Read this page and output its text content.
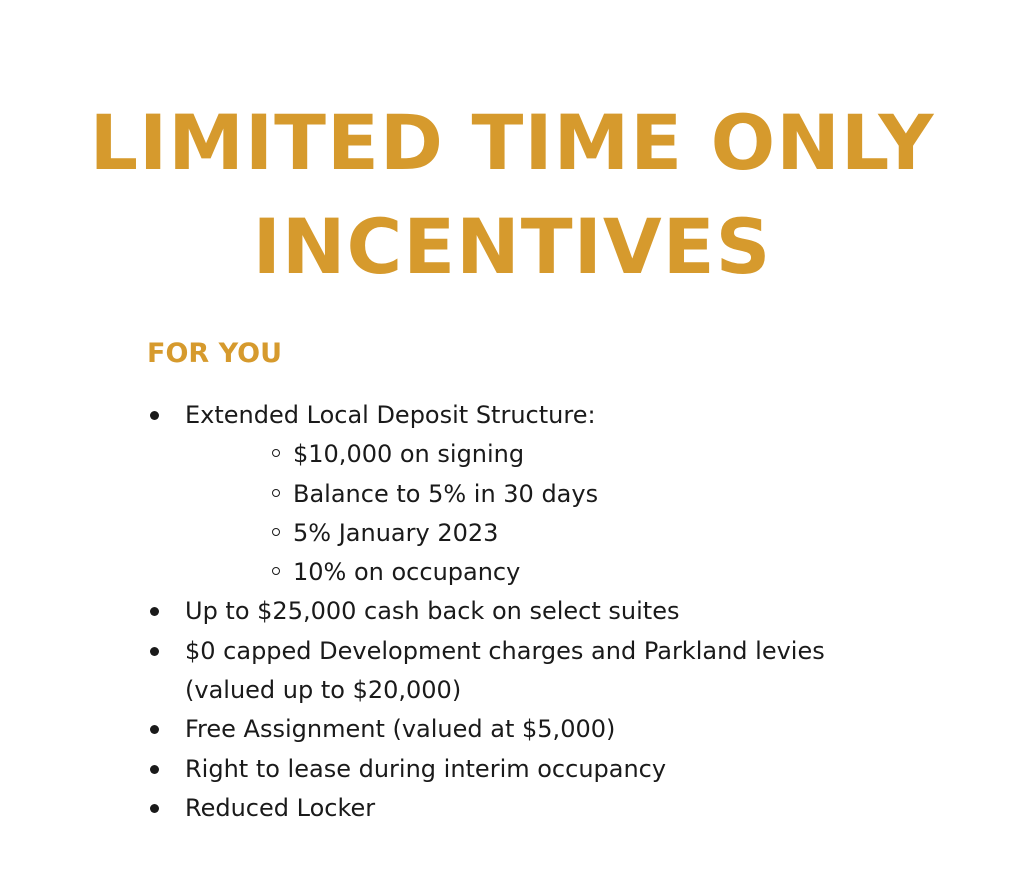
LIMITED TIME ONLY
INCENTIVES
FOR YOU
Extended Local Deposit Structure:
$10,000 on signing
Balance to 5% in 30 days
5% January 2023
10% on occupancy
Up to $25,000 cash back on select suites
$0 capped Development charges and Parkland levies (valued up to $20,000)
Free Assignment (valued at $5,000)
Right to lease during interim occupancy
Reduced Locker
